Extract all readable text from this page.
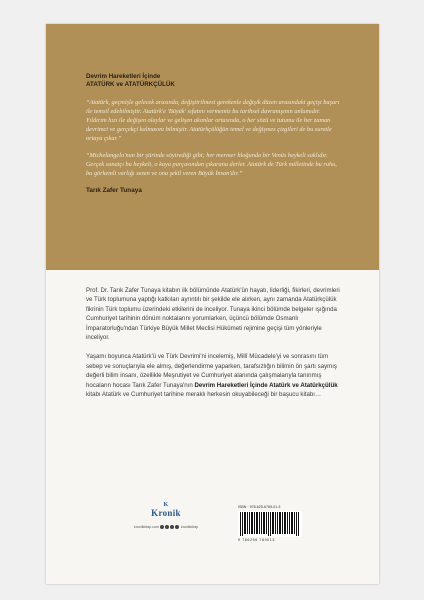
Devrim Hareketleri İçinde
ATATÜRK ve ATATÜRKÇÜLÜK
“Atatürk, geçmişle gelecek arasında, değiştirilmesi gerekenle değişik düzen arasındaki geçişi başarı ile temsil edebilmiştir. Atatürk'e 'Büyük' sıfatını vermemiz bu tarihsel davranışının anlamıdır. Yıldırım hızı ile değişen olaylar ve gelişen akımlar ortasında, o her sözü ve tutumu ile her zaman devrimci ve gerçekçi kalmasını bilmiştir. Atatürkçülüğün temel ve değişmez çizgileri de bu suretle ortaya çıkar.”
“Michelangelo'nun bir şiirinde söyirediği gibi; her mermer bloğunda bir Venüs heykeli saklıdır. Gerçek sanatçı bu heykeli, o kaya parçasından çıkarana derler. Atatürk de Türk milletinde bu ruhu, bu görkemli varlığı sezen ve ona şekil veren Büyük İnsan'dır.”
Tarık Zafer Tunaya

Prof. Dr. Tarık Zafer Tunaya kitabın ilk bölümünde Atatürk'ün hayatı, liderliği, fikirleri, devrimleri ve Türk toplumuna yaptığı katkıları ayrıntılı bir şekilde ele alırken, aynı zamanda Atatürkçülük fikrinin Türk toplumu üzerindeki etkilerini de inceliyor. Tunaya ikinci bölümde belgeler ışığında Cumhuriyet tarihinin dönüm noktalarını yorumlarken, üçüncü bölümde Osmanlı İmparatorluğu'ndan Türkiye Büyük Millet Meclisi Hükümeti rejimine geçişi tüm yönleriyle inceliyor.

Yaşamı boyunca Atatürk'ü ve Türk Devrimi'ni incelemiş, Millî Mücadele'yi ve sonrasını tüm sebep ve sonuçlarıyla ele almış, değerlendirme yaparken, tarafsızlığın bilimin ön şartı saymış değerli bilim insanı, özellikle Meşrutiyet ve Cumhuriyet alanında çalışmalarıyla tanınmış hocaların hocası Tarık Zafer Tunaya'nın Devrim Hareketleri İçinde Atatürk ve Atatürkçülük kitabı Atatürk ve Cumhuriyet tarihine meraklı herkesin okuyabileceği bir başucu kitabı…

K
Kronik
kronikkitap.com	kronikkitap
ISBN · 978-625-6789-01-3
9 786256 789013
